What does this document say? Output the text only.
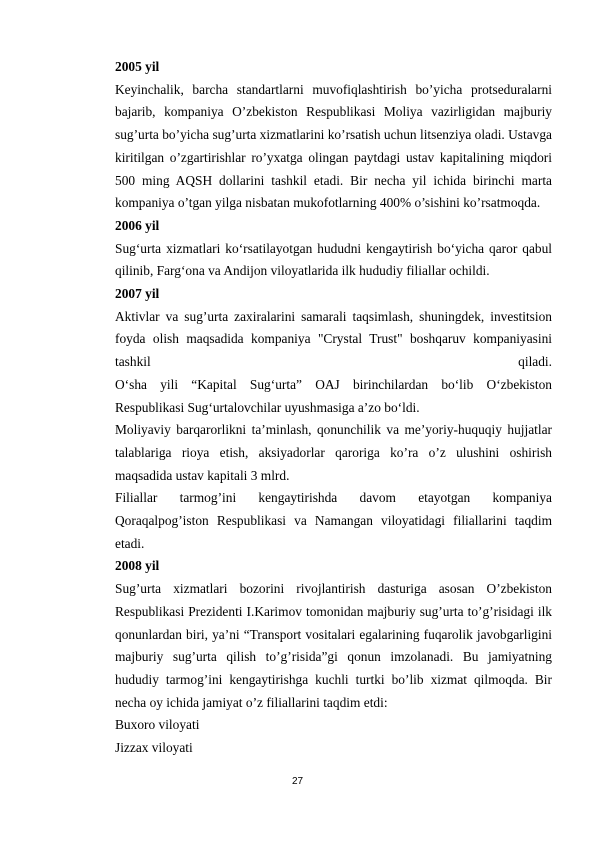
2005 yil

Keyinchalik, barcha standartlarni muvofiqlashtirish bo’yicha protseduralarni bajarib, kompaniya O’zbekiston Respublikasi Moliya vazirligidan majburiy sug’urta bo’yicha sug’urta xizmatlarini ko’rsatish uchun litsenziya oladi. Ustavga kiritilgan o’zgartirishlar ro’yxatga olingan paytdagi ustav kapitalining miqdori 500 ming AQSH dollarini tashkil etadi. Bir necha yil ichida birinchi marta kompaniya o’tgan yilga nisbatan mukofotlarning 400% o’sishini ko’rsatmoqda.

2006 yil

Sug‘urta xizmatlari ko‘rsatilayotgan hududni kengaytirish bo‘yicha qaror qabul qilinib, Farg‘ona va Andijon viloyatlarida ilk hududiy filiallar ochildi.

2007 yil

Aktivlar va sug’urta zaxiralarini samarali taqsimlash, shuningdek, investitsion foyda olish maqsadida kompaniya "Crystal Trust" boshqaruv kompaniyasini

tashkil	qiladi.

O‘sha yili “Kapital Sug‘urta” OAJ birinchilardan bo‘lib O‘zbekiston Respublikasi Sug‘urtalovchilar uyushmasiga a’zo bo‘ldi.

Moliyaviy barqarorlikni ta’minlash, qonunchilik va me’yoriy-huquqiy hujjatlar talablariga rioya etish, aksiyadorlar qaroriga ko’ra o’z ulushini oshirish maqsadida ustav kapitali 3 mlrd.

Filiallar tarmog’ini kengaytirishda davom etayotgan kompaniya Qoraqalpog’iston Respublikasi va Namangan viloyatidagi filiallarini taqdim etadi.

2008 yil

Sug’urta xizmatlari bozorini rivojlantirish dasturiga asosan O’zbekiston Respublikasi Prezidenti I.Karimov tomonidan majburiy sug’urta to’g’risidagi ilk qonunlardan biri, ya’ni “Transport vositalari egalarining fuqarolik javobgarligini majburiy sug’urta qilish to’g’risida”gi qonun imzolanadi. Bu jamiyatning hududiy tarmog’ini kengaytirishga kuchli turtki bo’lib xizmat qilmoqda. Bir necha oy ichida jamiyat o’z filiallarini taqdim etdi:

Buxoro viloyati

Jizzax viloyati

27
